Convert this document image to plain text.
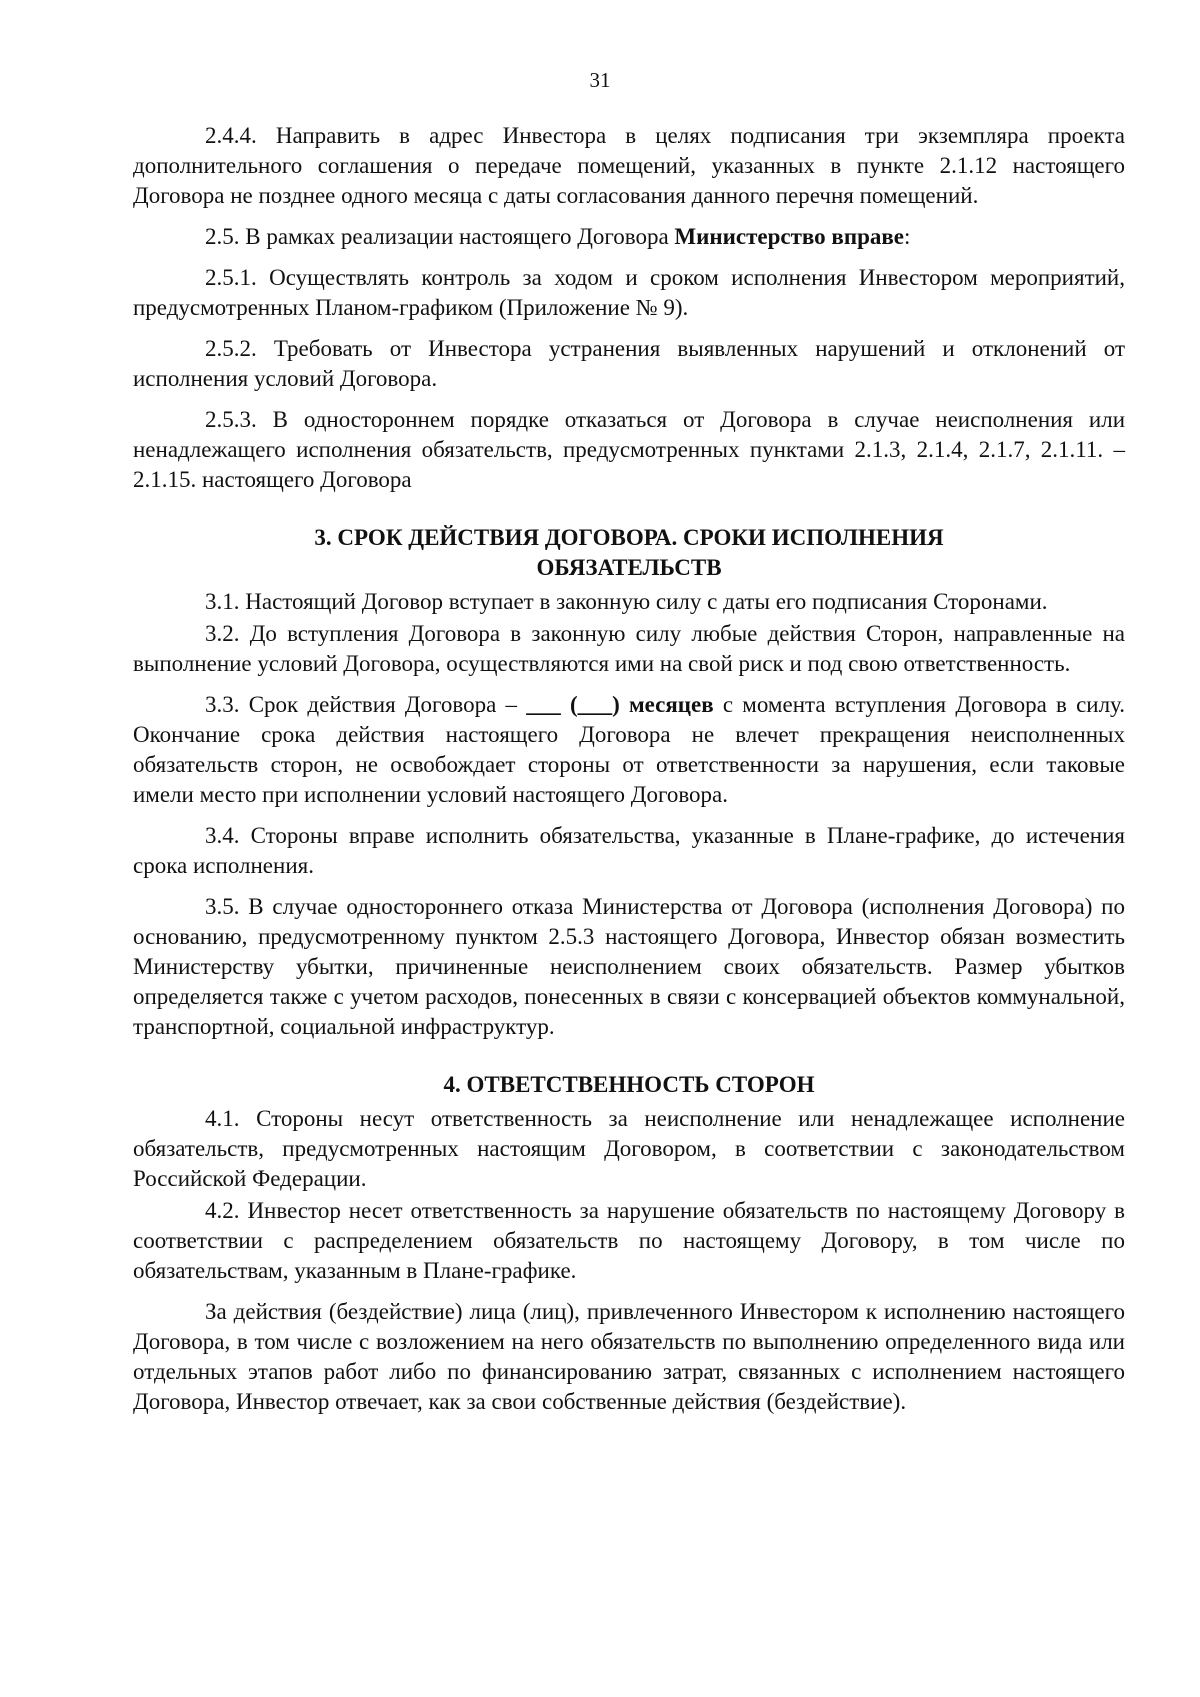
31

2.4.4. Направить в адрес Инвестора в целях подписания три экземпляра проекта дополнительного соглашения о передаче помещений, указанных в пункте 2.1.12 настоящего Договора не позднее одного месяца с даты согласования данного перечня помещений.

2.5. В рамках реализации настоящего Договора Министерство вправе:

2.5.1. Осуществлять контроль за ходом и сроком исполнения Инвестором мероприятий, предусмотренных Планом-графиком (Приложение № 9).

2.5.2. Требовать от Инвестора устранения выявленных нарушений и отклонений от исполнения условий Договора.

2.5.3. В одностороннем порядке отказаться от Договора в случае неисполнения или ненадлежащего исполнения обязательств, предусмотренных пунктами 2.1.3, 2.1.4, 2.1.7, 2.1.11. – 2.1.15. настоящего Договора

3. СРОК ДЕЙСТВИЯ ДОГОВОРА. СРОКИ ИСПОЛНЕНИЯ
ОБЯЗАТЕЛЬСТВ

3.1. Настоящий Договор вступает в законную силу с даты его подписания Сторонами.

3.2. До вступления Договора в законную силу любые действия Сторон, направленные на выполнение условий Договора, осуществляются ими на свой риск и под свою ответственность.

3.3. Срок действия Договора – ___ (___) месяцев с момента вступления Договора в силу. Окончание срока действия настоящего Договора не влечет прекращения неисполненных обязательств сторон, не освобождает стороны от ответственности за нарушения, если таковые имели место при исполнении условий настоящего Договора.

3.4. Стороны вправе исполнить обязательства, указанные в Плане-графике, до истечения срока исполнения.

3.5. В случае одностороннего отказа Министерства от Договора (исполнения Договора) по основанию, предусмотренному пунктом 2.5.3 настоящего Договора, Инвестор обязан возместить Министерству убытки, причиненные неисполнением своих обязательств. Размер убытков определяется также с учетом расходов, понесенных в связи с консервацией объектов коммунальной, транспортной, социальной инфраструктур.

4. ОТВЕТСТВЕННОСТЬ СТОРОН

4.1. Стороны несут ответственность за неисполнение или ненадлежащее исполнение обязательств, предусмотренных настоящим Договором, в соответствии с законодательством Российской Федерации.

4.2. Инвестор несет ответственность за нарушение обязательств по настоящему Договору в соответствии с распределением обязательств по настоящему Договору, в том числе по обязательствам, указанным в Плане-графике.

За действия (бездействие) лица (лиц), привлеченного Инвестором к исполнению настоящего Договора, в том числе с возложением на него обязательств по выполнению определенного вида или отдельных этапов работ либо по финансированию затрат, связанных с исполнением настоящего Договора, Инвестор отвечает, как за свои собственные действия (бездействие).
